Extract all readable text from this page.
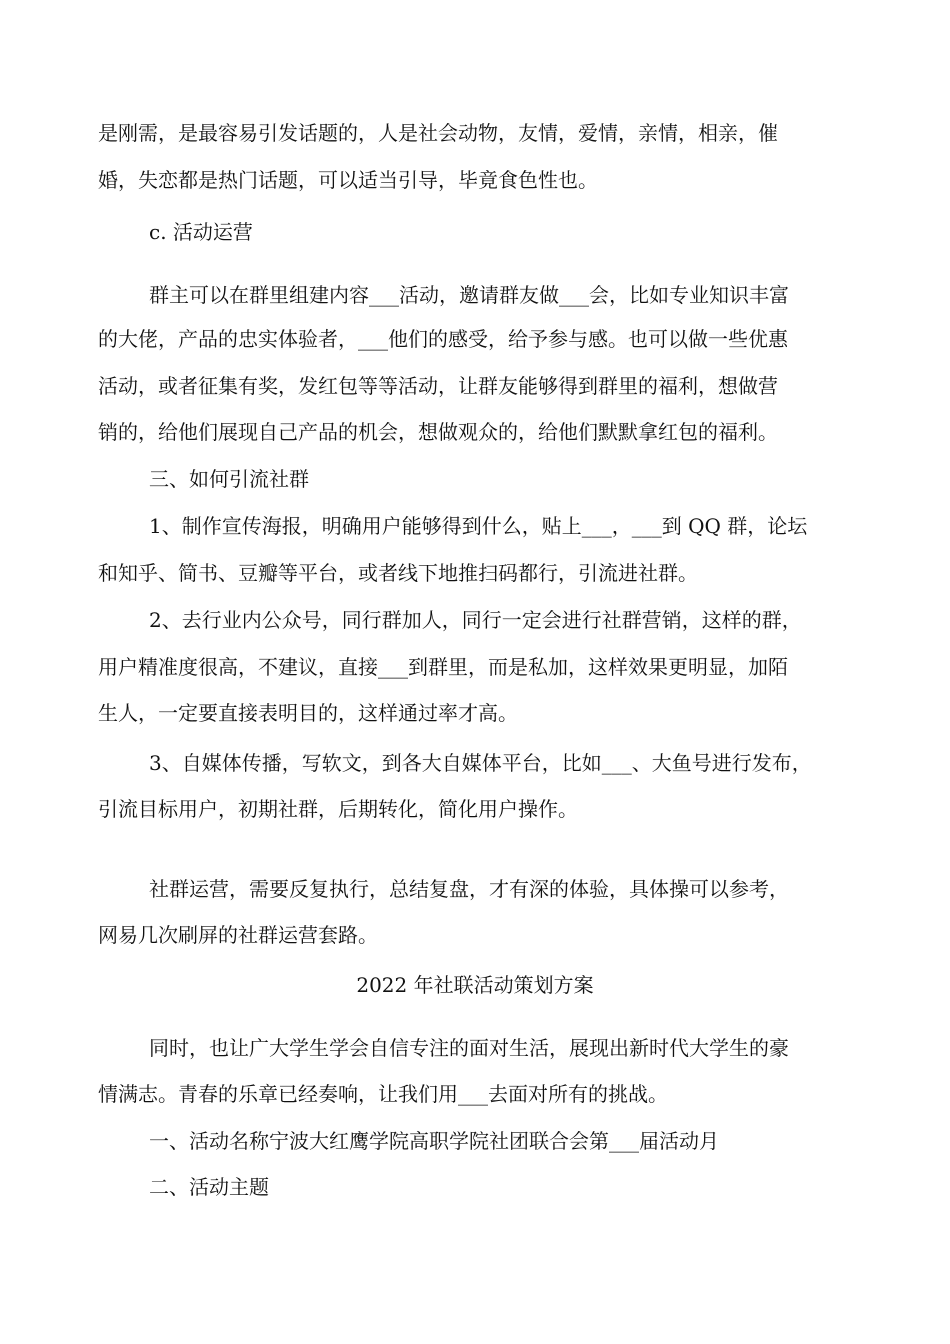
是刚需，是最容易引发话题的，人是社会动物，友情，爱情，亲情，相亲，催
婚，失恋都是热门话题，可以适当引导，毕竟食色性也。
c. 活动运营
群主可以在群里组建内容___活动，邀请群友做___会，比如专业知识丰富
的大佬，产品的忠实体验者，___他们的感受，给予参与感。也可以做一些优惠
活动，或者征集有奖，发红包等等活动，让群友能够得到群里的福利，想做营
销的，给他们展现自己产品的机会，想做观众的，给他们默默拿红包的福利。
三、如何引流社群
1、制作宣传海报，明确用户能够得到什么，贴上___，___到 QQ 群，论坛
和知乎、简书、豆瓣等平台，或者线下地推扫码都行，引流进社群。
2、去行业内公众号，同行群加人，同行一定会进行社群营销，这样的群，
用户精准度很高，不建议，直接___到群里，而是私加，这样效果更明显，加陌
生人，一定要直接表明目的，这样通过率才高。
3、自媒体传播，写软文，到各大自媒体平台，比如___、大鱼号进行发布，
引流目标用户，初期社群，后期转化，简化用户操作。
社群运营，需要反复执行，总结复盘，才有深的体验，具体操可以参考，
网易几次刷屏的社群运营套路。
2022 年社联活动策划方案
同时，也让广大学生学会自信专注的面对生活，展现出新时代大学生的豪
情满志。青春的乐章已经奏响，让我们用___去面对所有的挑战。
一、活动名称宁波大红鹰学院高职学院社团联合会第___届活动月
二、活动主题
